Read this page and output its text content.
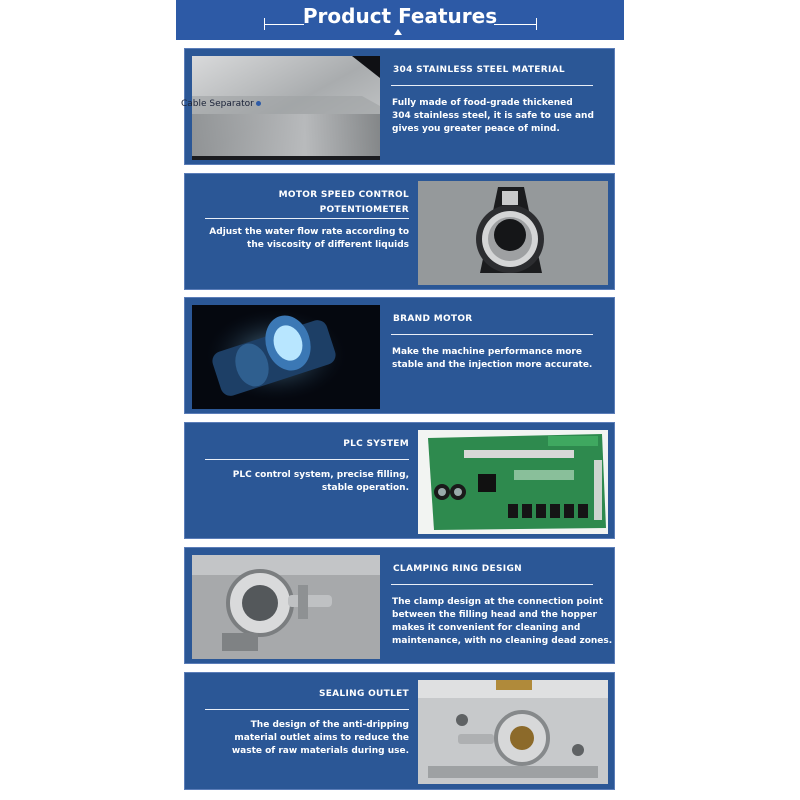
Product Features
Cable Separator
304 STAINLESS STEEL MATERIAL
Fully made of food-grade thickened
304 stainless steel, it is safe to use and
gives you greater peace of mind.
MOTOR SPEED CONTROL
POTENTIOMETER
Adjust the water flow rate according to
the viscosity of different liquids
BRAND MOTOR
Make the machine performance more
stable and the injection more accurate.
PLC SYSTEM
PLC control system, precise filling,
stable operation.
CLAMPING RING DESIGN
The clamp design at the connection point
between the filling head and the hopper
makes it convenient for cleaning and
maintenance, with no cleaning dead zones.
SEALING OUTLET
The design of the anti-dripping
material outlet aims to reduce the
waste of raw materials during use.
